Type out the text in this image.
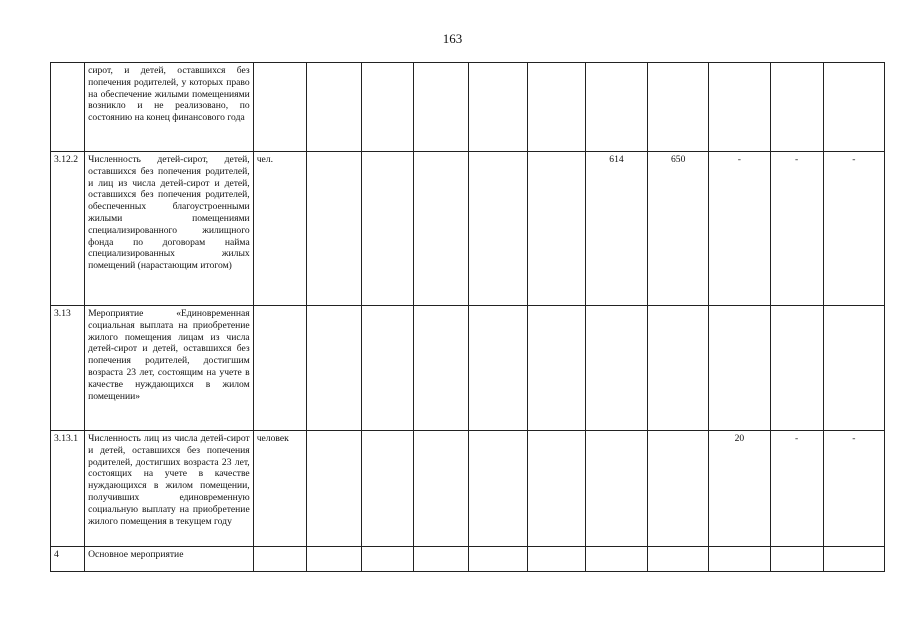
163
	сирот, и детей, оставшихся без попечения родителей, у которых право на обеспечение жилыми помещениями возникло и не реализовано, по состоянию на конец финансового года											
3.12.2	Численность детей-сирот, детей, оставшихся без попечения родителей, и лиц из числа детей-сирот и детей, оставшихся без попечения родителей, обеспеченных благоустроенными жилыми помещениями специализированного жилищного фонда по договорам найма специализированных жилых помещений (нарастающим итогом)	чел.						614	650	-	-	-
3.13	Мероприятие «Единовременная социальная выплата на приобретение жилого помещения лицам из числа детей-сирот и детей, оставшихся без попечения родителей, достигшим возраста 23 лет, состоящим на учете в качестве нуждающихся в жилом помещении»											
3.13.1	Численность лиц из числа детей-сирот и детей, оставшихся без попечения родителей, достигших возраста 23 лет, состоящих на учете в качестве нуждающихся в жилом помещении, получивших единовременную социальную выплату на приобретение жилого помещения в текущем году	человек								20	-	-
4	Основное мероприятие											
